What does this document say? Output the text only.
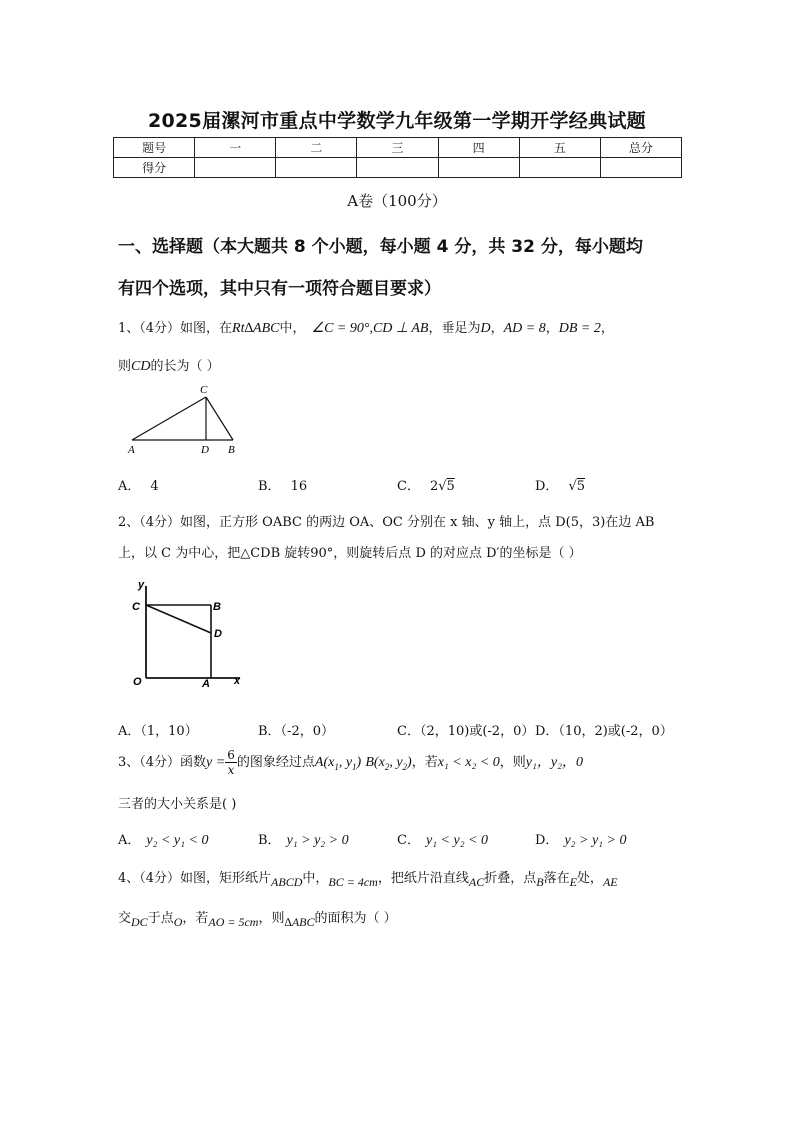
2025届漯河市重点中学数学九年级第一学期开学经典试题
题号	一	二	三	四	五	总分
得分						
A卷（100分）
一、选择题（本大题共 8 个小题，每小题 4 分，共 32 分，每小题均
有四个选项，其中只有一项符合题目要求）
1、（4分）如图，在Rt∆ABC中， ∠C = 90°,CD ⊥ AB，垂足为D，AD = 8，DB = 2，
则CD的长为（ ）
C
A	D B
A． 4	B． 16	C． 2√5	D． √5
2、（4分）如图，正方形 OABC 的两边 OA、OC 分别在 x 轴、y 轴上，点 D(5，3)在边 AB
上，以 C 为中心，把△CDB 旋转90°，则旋转后点 D 的对应点 D′的坐标是（ ）
y
C	B
D
O	A x
A．（1，10）	B．（-2，0）	C．（2，10)或(-2，0） D．（10，2)或(-2，0）
3、（4分）函数$y = \frac{6}{x}$ 的图象经过点$A(x_1$, $y_1$) $B(x_2$, $y_2$)，若x₁ < x₂ < 0，则y₁，y₂，0
三者的大小关系是( )
A． y₂ < y₁ < 0	B． y₁ > y₂ > 0	C． y₁ < y₂ < 0	D． y₂ > y₁ > 0
4、（4分）如图，矩形纸片ABCD中，BC = 4cm，把纸片沿直线AC折叠，点B落在E处，AE
交DC于点O，若AO = 5cm，则∆ABC的面积为（ ）
